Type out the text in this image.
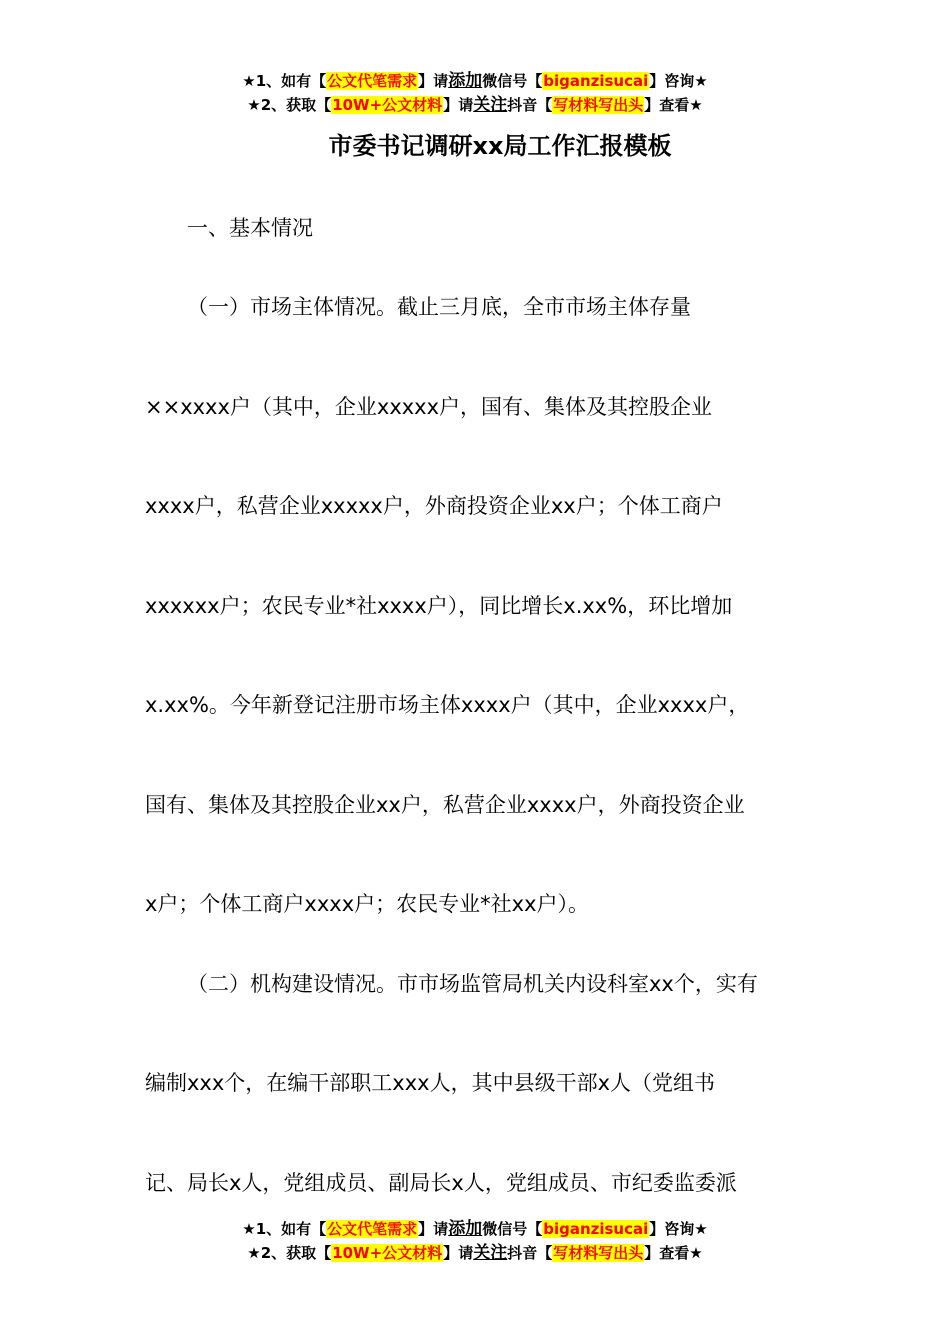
★1、如有【公文代笔需求】请添加微信号【biganzisucai】咨询★
★2、获取【10W+公文材料】请关注抖音【写材料写出头】查看★
市委书记调研xx局工作汇报模板
一、基本情况
（一）市场主体情况。截止三月底，全市市场主体存量
××xxxx户（其中，企业xxxxx户，国有、集体及其控股企业
xxxx户，私营企业xxxxx户，外商投资企业xx户；个体工商户
xxxxxx户；农民专业*社xxxx户），同比增长x.xx%，环比增加
x.xx%。今年新登记注册市场主体xxxx户（其中，企业xxxx户，
国有、集体及其控股企业xx户，私营企业xxxx户，外商投资企业
x户；个体工商户xxxx户；农民专业*社xx户）。
（二）机构建设情况。市市场监管局机关内设科室xx个，实有
编制xxx个，在编干部职工xxx人，其中县级干部x人（党组书
记、局长x人，党组成员、副局长x人，党组成员、市纪委监委派
★1、如有【公文代笔需求】请添加微信号【biganzisucai】咨询★
★2、获取【10W+公文材料】请关注抖音【写材料写出头】查看★
